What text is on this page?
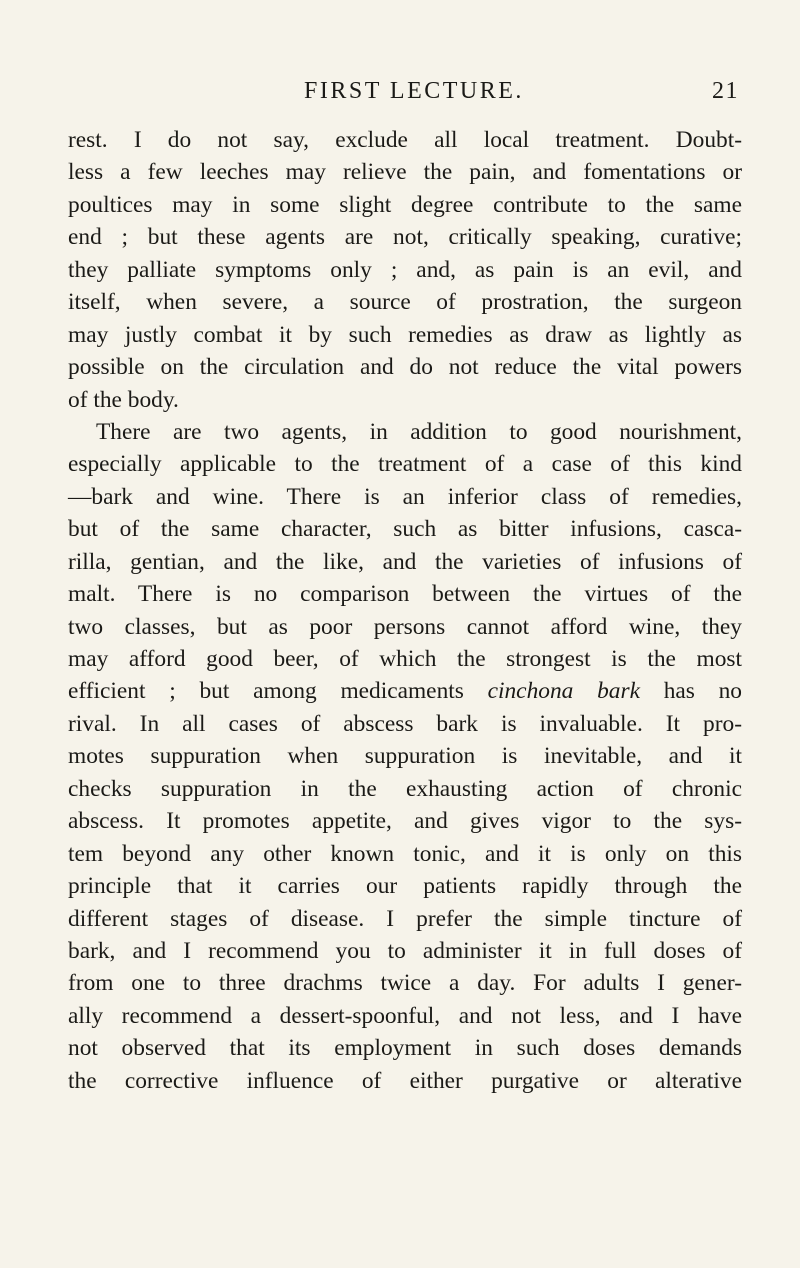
FIRST LECTURE.	21
rest. I do not say, exclude all local treatment. Doubt-
less a few leeches may relieve the pain, and fomentations or
poultices may in some slight degree contribute to the same
end ; but these agents are not, critically speaking, curative;
they palliate symptoms only ; and, as pain is an evil, and
itself, when severe, a source of prostration, the surgeon
may justly combat it by such remedies as draw as lightly as
possible on the circulation and do not reduce the vital powers
of the body.
There are two agents, in addition to good nourishment,
especially applicable to the treatment of a case of this kind
—bark and wine. There is an inferior class of remedies,
but of the same character, such as bitter infusions, casca-
rilla, gentian, and the like, and the varieties of infusions of
malt. There is no comparison between the virtues of the
two classes, but as poor persons cannot afford wine, they
may afford good beer, of which the strongest is the most
efficient ; but among medicaments cinchona bark has no
rival. In all cases of abscess bark is invaluable. It pro-
motes suppuration when suppuration is inevitable, and it
checks suppuration in the exhausting action of chronic
abscess. It promotes appetite, and gives vigor to the sys-
tem beyond any other known tonic, and it is only on this
principle that it carries our patients rapidly through the
different stages of disease. I prefer the simple tincture of
bark, and I recommend you to administer it in full doses of
from one to three drachms twice a day. For adults I gener-
ally recommend a dessert-spoonful, and not less, and I have
not observed that its employment in such doses demands
the corrective influence of either purgative or alterative
